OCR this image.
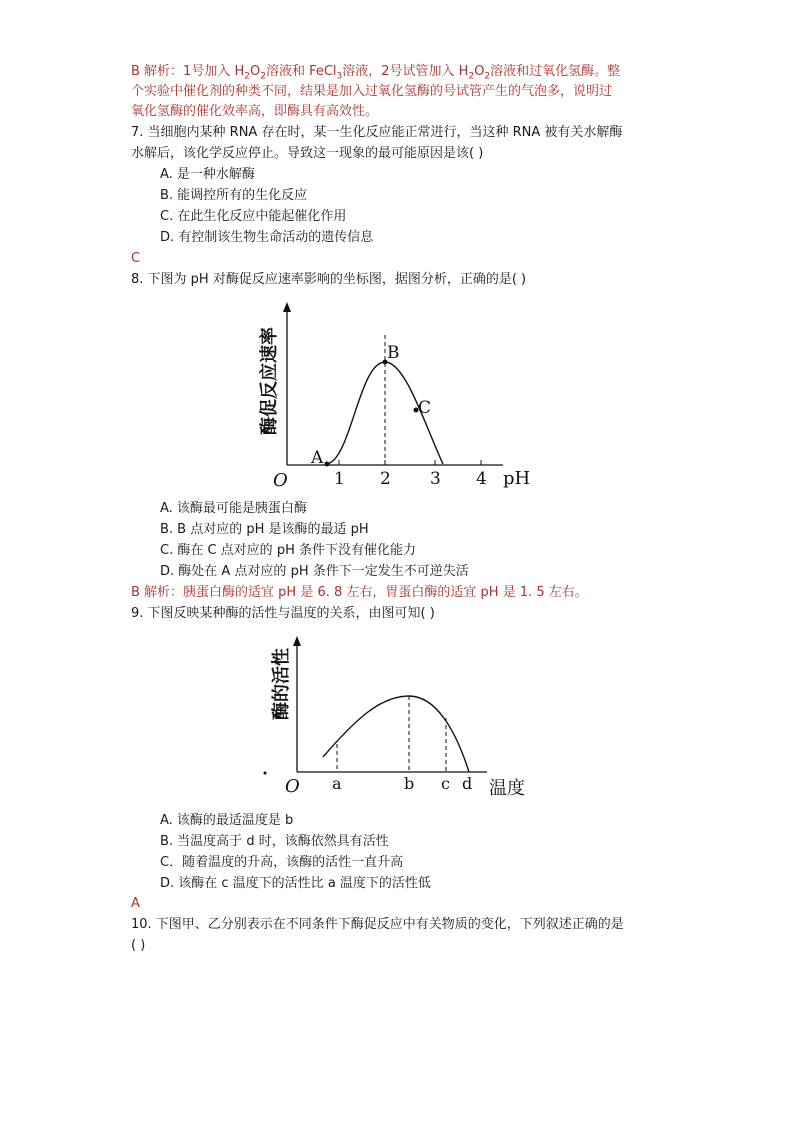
B 解析：1号加入 $H_2O_2$溶液和 FeCl$_3$溶液，2号试管加入 $H_2O_2$溶液和过氧化氢酶。整
个实验中催化剂的种类不同，结果是加入过氧化氢酶的号试管产生的气泡多，说明过
氧化氢酶的催化效率高，即酶具有高效性。
7. 当细胞内某种 RNA 存在时，某一生化反应能正常进行，当这种 RNA 被有关水解酶
水解后，该化学反应停止。导致这一现象的最可能原因是该( )
A. 是一种水解酶
B. 能调控所有的生化反应
C. 在此生化反应中能起催化作用
D. 有控制该生物生命活动的遗传信息
C
8. 下图为 pH 对酶促反应速率影响的坐标图，据图分析，正确的是( )
A
B
C
O	1 2 3 4 pH
酶促反应速率
A. 该酶最可能是胰蛋白酶
B. B 点对应的 pH 是该酶的最适 pH
C. 酶在 C 点对应的 pH 条件下没有催化能力
D. 酶处在 A 点对应的 pH 条件下一定发生不可逆失活
B 解析：胰蛋白酶的适宜 pH 是 6. 8 左右，胃蛋白酶的适宜 pH 是 1. 5 左右。
9. 下图反映某种酶的活性与温度的关系，由图可知( )
O a	b c d 温度
酶的活性
A. 该酶的最适温度是 b
B. 当温度高于 d 时，该酶依然具有活性
C．随着温度的升高，该酶的活性一直升高
D. 该酶在 c 温度下的活性比 a 温度下的活性低
A
10. 下图甲、乙分别表示在不同条件下酶促反应中有关物质的变化，下列叙述正确的是
( )
